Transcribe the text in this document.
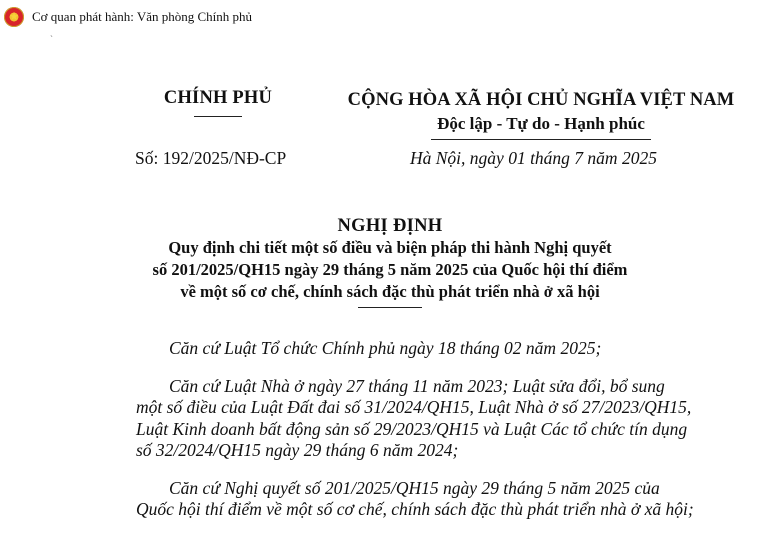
★	Cơ quan phát hành: Văn phòng Chính phủ
`
CHÍNH PHỦ	CỘNG HÒA XÃ HỘI CHỦ NGHĨA VIỆT NAM
Độc lập - Tự do - Hạnh phúc
Số: 192/2025/NĐ-CP	Hà Nội, ngày 01 tháng 7 năm 2025
NGHỊ ĐỊNH
Quy định chi tiết một số điều và biện pháp thi hành Nghị quyết
số 201/2025/QH15 ngày 29 tháng 5 năm 2025 của Quốc hội thí điểm
về một số cơ chế, chính sách đặc thù phát triển nhà ở xã hội

Căn cứ Luật Tổ chức Chính phủ ngày 18 tháng 02 năm 2025;

Căn cứ Luật Nhà ở ngày 27 tháng 11 năm 2023; Luật sửa đổi, bổ sung
một số điều của Luật Đất đai số 31/2024/QH15, Luật Nhà ở số 27/2023/QH15,
Luật Kinh doanh bất động sản số 29/2023/QH15 và Luật Các tổ chức tín dụng
số 32/2024/QH15 ngày 29 tháng 6 năm 2024;

Căn cứ Nghị quyết số 201/2025/QH15 ngày 29 tháng 5 năm 2025 của
Quốc hội thí điểm về một số cơ chế, chính sách đặc thù phát triển nhà ở xã hội;
